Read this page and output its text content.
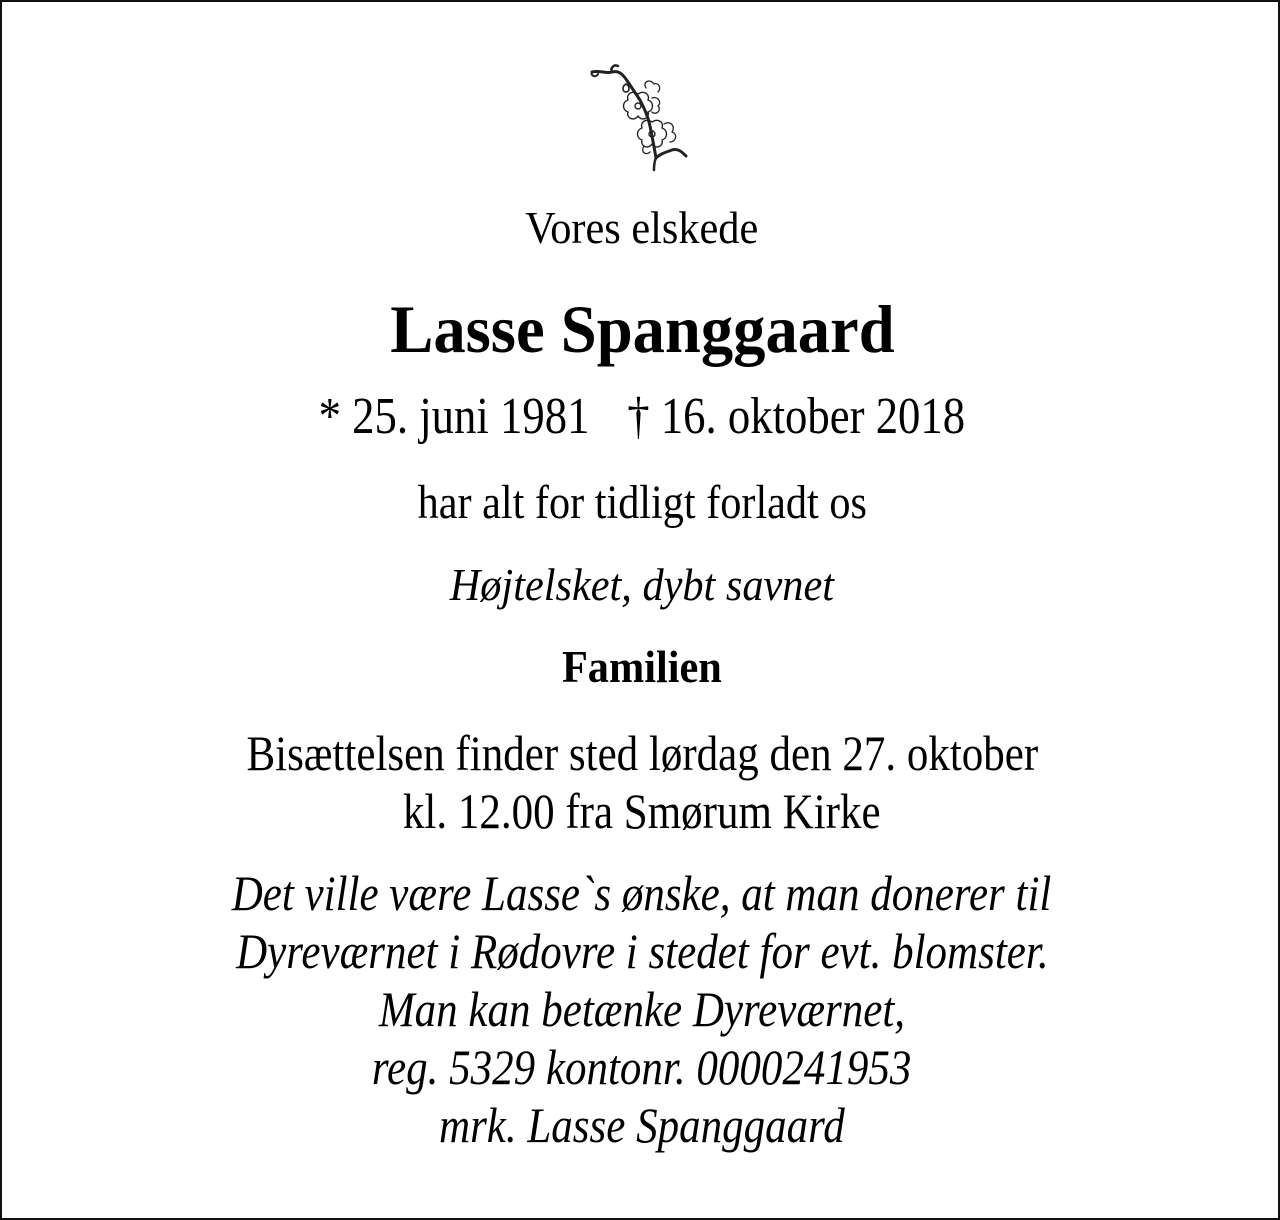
Vores elskede
Lasse Spanggaard
* 25. juni 1981 † 16. oktober 2018
har alt for tidligt forladt os
Højtelsket, dybt savnet
Familien
Bisættelsen finder sted lørdag den 27. oktober
kl. 12.00 fra Smørum Kirke
Det ville være Lasse`s ønske, at man donerer til
Dyreværnet i Rødovre i stedet for evt. blomster.
Man kan betænke Dyreværnet,
reg. 5329 kontonr. 0000241953
mrk. Lasse Spanggaard
